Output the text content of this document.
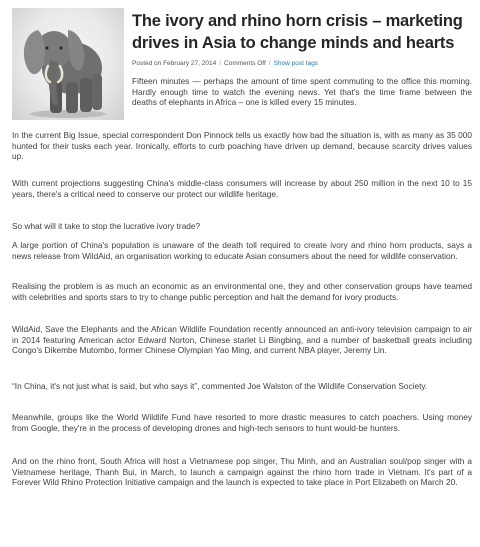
The ivory and rhino horn crisis – marketing drives in Asia to change minds and hearts
Posted on February 27, 2014 / Comments Off / Show post tags

Fifteen minutes — perhaps the amount of time spent commuting to the office this morning. Hardly enough time to watch the evening news. Yet that's the time frame between the deaths of elephants in Africa – one is killed every 15 minutes.

In the current Big Issue, special correspondent Don Pinnock tells us exactly how bad the situation is, with as many as 35 000 hunted for their tusks each year. Ironically, efforts to curb poaching have driven up demand, because scarcity drives values up.

With current projections suggesting China's middle-class consumers will increase by about 250 million in the next 10 to 15 years, there's a critical need to conserve our protect our wildlife heritage.

So what will it take to stop the lucrative ivory trade?

A large portion of China's population is unaware of the death toll required to create ivory and rhino horn products, says a news release from WildAid, an organisation working to educate Asian consumers about the need for wildlife conservation.

Realising the problem is as much an economic as an environmental one, they and other conservation groups have teamed with celebrities and sports stars to try to change public perception and halt the demand for ivory products.

WildAid, Save the Elephants and the African Wildlife Foundation recently announced an anti-ivory television campaign to air in 2014 featuring American actor Edward Norton, Chinese starlet Li Bingbing, and a number of basketball greats including Congo's Dikembe Mutombo, former Chinese Olympian Yao Ming, and current NBA player, Jeremy Lin.

“In China, it's not just what is said, but who says it”, commented Joe Walston of the Wildlife Conservation Society.

Meanwhile, groups like the World Wildlife Fund have resorted to more drastic measures to catch poachers. Using money from Google, they're in the process of developing drones and high-tech sensors to hunt would-be hunters.

And on the rhino front, South Africa will host a Vietnamese pop singer, Thu Minh, and an Australian soul/pop singer with a Vietnamese heritage, Thanh Bui, in March, to launch a campaign against the rhino horn trade in Vietnam. It's part of a Forever Wild Rhino Protection Initiative campaign and the launch is expected to take place in Port Elizabeth on March 20.
